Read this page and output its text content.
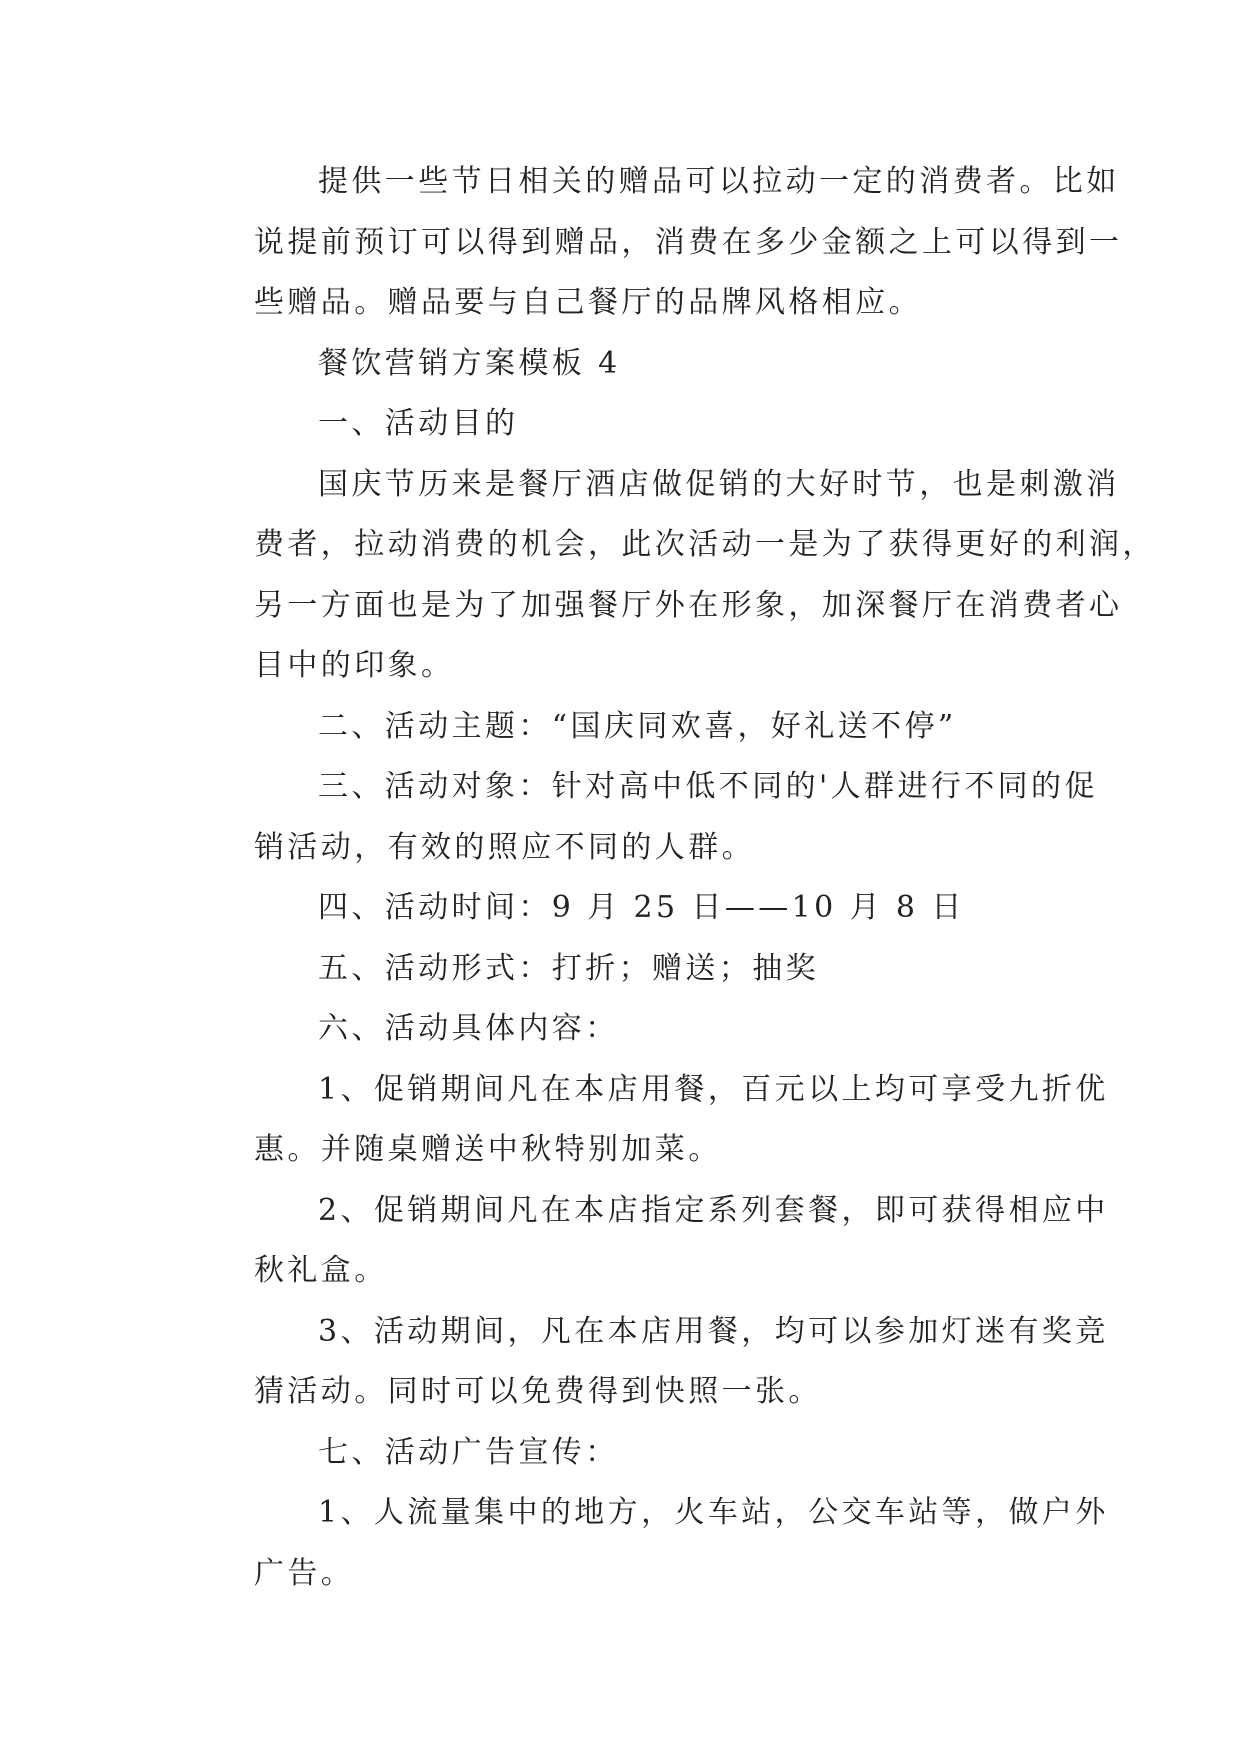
提供一些节日相关的赠品可以拉动一定的消费者。比如
说提前预订可以得到赠品，消费在多少金额之上可以得到一
些赠品。赠品要与自己餐厅的品牌风格相应。

餐饮营销方案模板 4

一、活动目的

国庆节历来是餐厅酒店做促销的大好时节，也是刺激消
费者，拉动消费的机会，此次活动一是为了获得更好的利润，
另一方面也是为了加强餐厅外在形象，加深餐厅在消费者心
目中的印象。

二、活动主题：“国庆同欢喜，好礼送不停”

三、活动对象：针对高中低不同的'人群进行不同的促
销活动，有效的照应不同的人群。

四、活动时间：9 月 25 日——10 月 8 日

五、活动形式：打折；赠送；抽奖

六、活动具体内容：

1、促销期间凡在本店用餐，百元以上均可享受九折优
惠。并随桌赠送中秋特别加菜。

2、促销期间凡在本店指定系列套餐，即可获得相应中
秋礼盒。

3、活动期间，凡在本店用餐，均可以参加灯迷有奖竞
猜活动。同时可以免费得到快照一张。

七、活动广告宣传：

1、人流量集中的地方，火车站，公交车站等，做户外
广告。
